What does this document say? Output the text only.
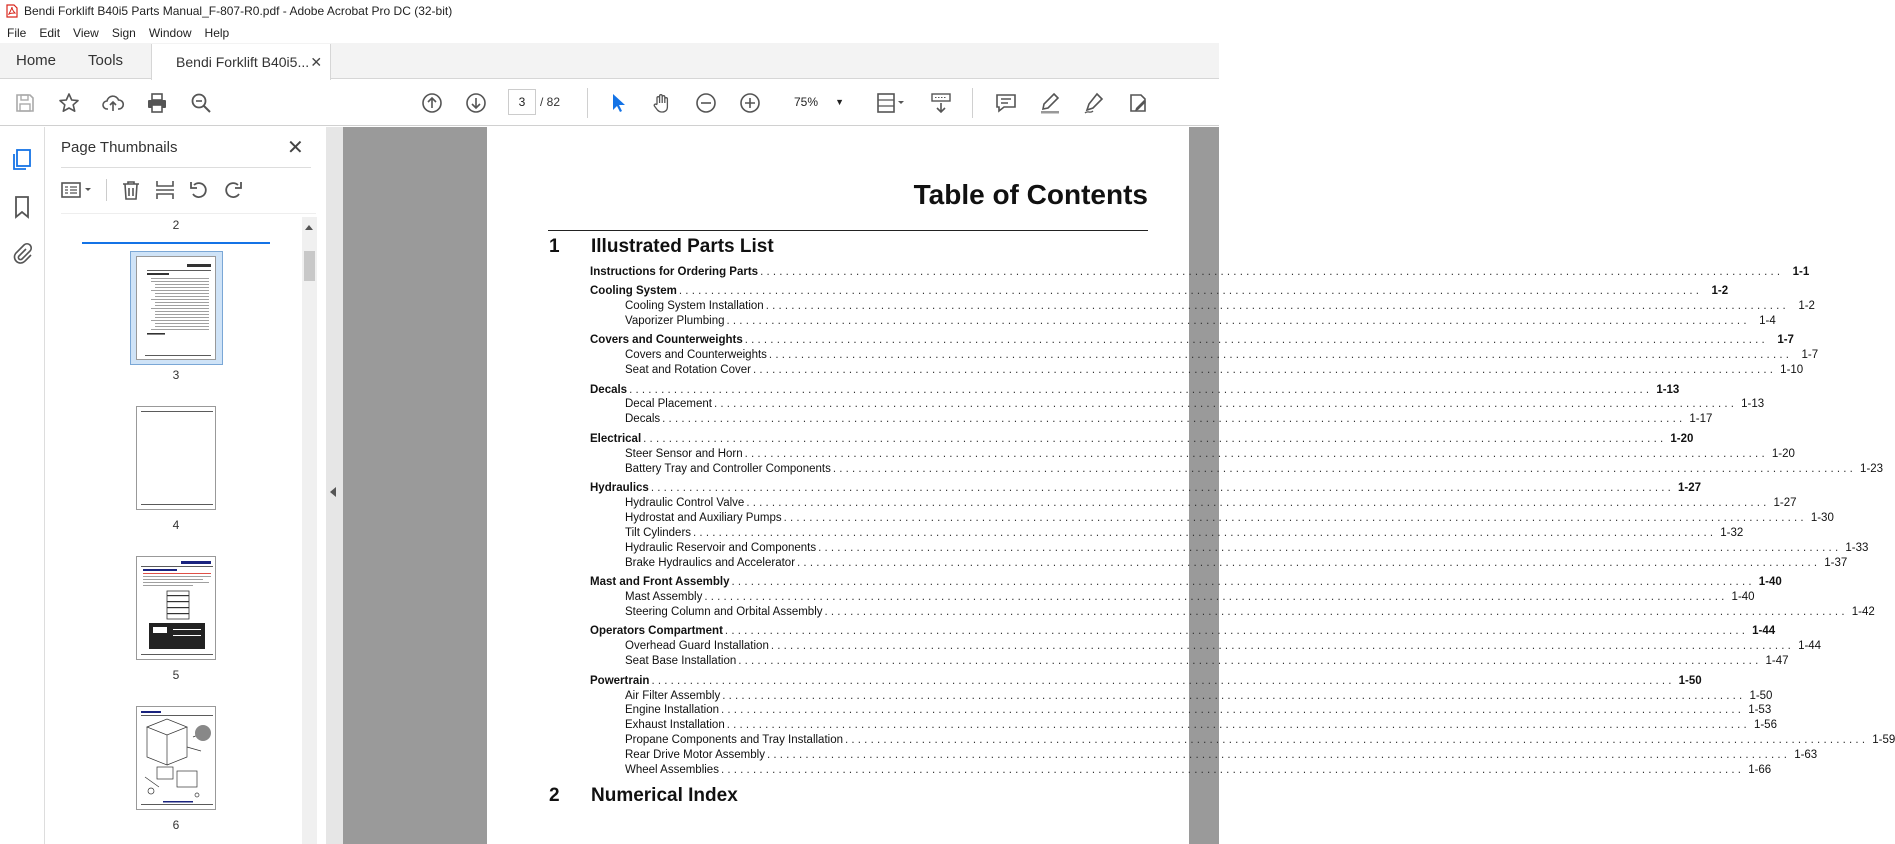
Bendi Forklift B40i5 Parts Manual_F-807-R0.pdf - Adobe Acrobat Pro DC (32-bit)
File	Edit	View	Sign	Window	Help
Home	Tools	Bendi Forklift B40i5... ✕
3	/ 82	75% ▼
Page Thumbnails	✕
2
3
4
5
6
Table of Contents
1 Illustrated Parts List
Instructions for Ordering Parts ................................................................................................................................................................ 1-1
Cooling System ................................................................................................................................................................ 1-2
Cooling System Installation ................................................................................................................................................................ 1-2
Vaporizer Plumbing ................................................................................................................................................................ 1-4
Covers and Counterweights ................................................................................................................................................................ 1-7
Covers and Counterweights ................................................................................................................................................................ 1-7
Seat and Rotation Cover ................................................................................................................................................................ 1-10
Decals ................................................................................................................................................................ 1-13
Decal Placement ................................................................................................................................................................ 1-13
Decals ................................................................................................................................................................ 1-17
Electrical ................................................................................................................................................................ 1-20
Steer Sensor and Horn ................................................................................................................................................................ 1-20
Battery Tray and Controller Components ................................................................................................................................................................ 1-23
Hydraulics ................................................................................................................................................................ 1-27
Hydraulic Control Valve ................................................................................................................................................................ 1-27
Hydrostat and Auxiliary Pumps ................................................................................................................................................................ 1-30
Tilt Cylinders ................................................................................................................................................................ 1-32
Hydraulic Reservoir and Components ................................................................................................................................................................ 1-33
Brake Hydraulics and Accelerator ................................................................................................................................................................ 1-37
Mast and Front Assembly ................................................................................................................................................................ 1-40
Mast Assembly ................................................................................................................................................................ 1-40
Steering Column and Orbital Assembly ................................................................................................................................................................ 1-42
Operators Compartment ................................................................................................................................................................ 1-44
Overhead Guard Installation ................................................................................................................................................................ 1-44
Seat Base Installation ................................................................................................................................................................ 1-47
Powertrain ................................................................................................................................................................ 1-50
Air Filter Assembly ................................................................................................................................................................ 1-50
Engine Installation ................................................................................................................................................................ 1-53
Exhaust Installation ................................................................................................................................................................ 1-56
Propane Components and Tray Installation ................................................................................................................................................................ 1-59
Rear Drive Motor Assembly ................................................................................................................................................................ 1-63
Wheel Assemblies ................................................................................................................................................................ 1-66
2 Numerical Index
